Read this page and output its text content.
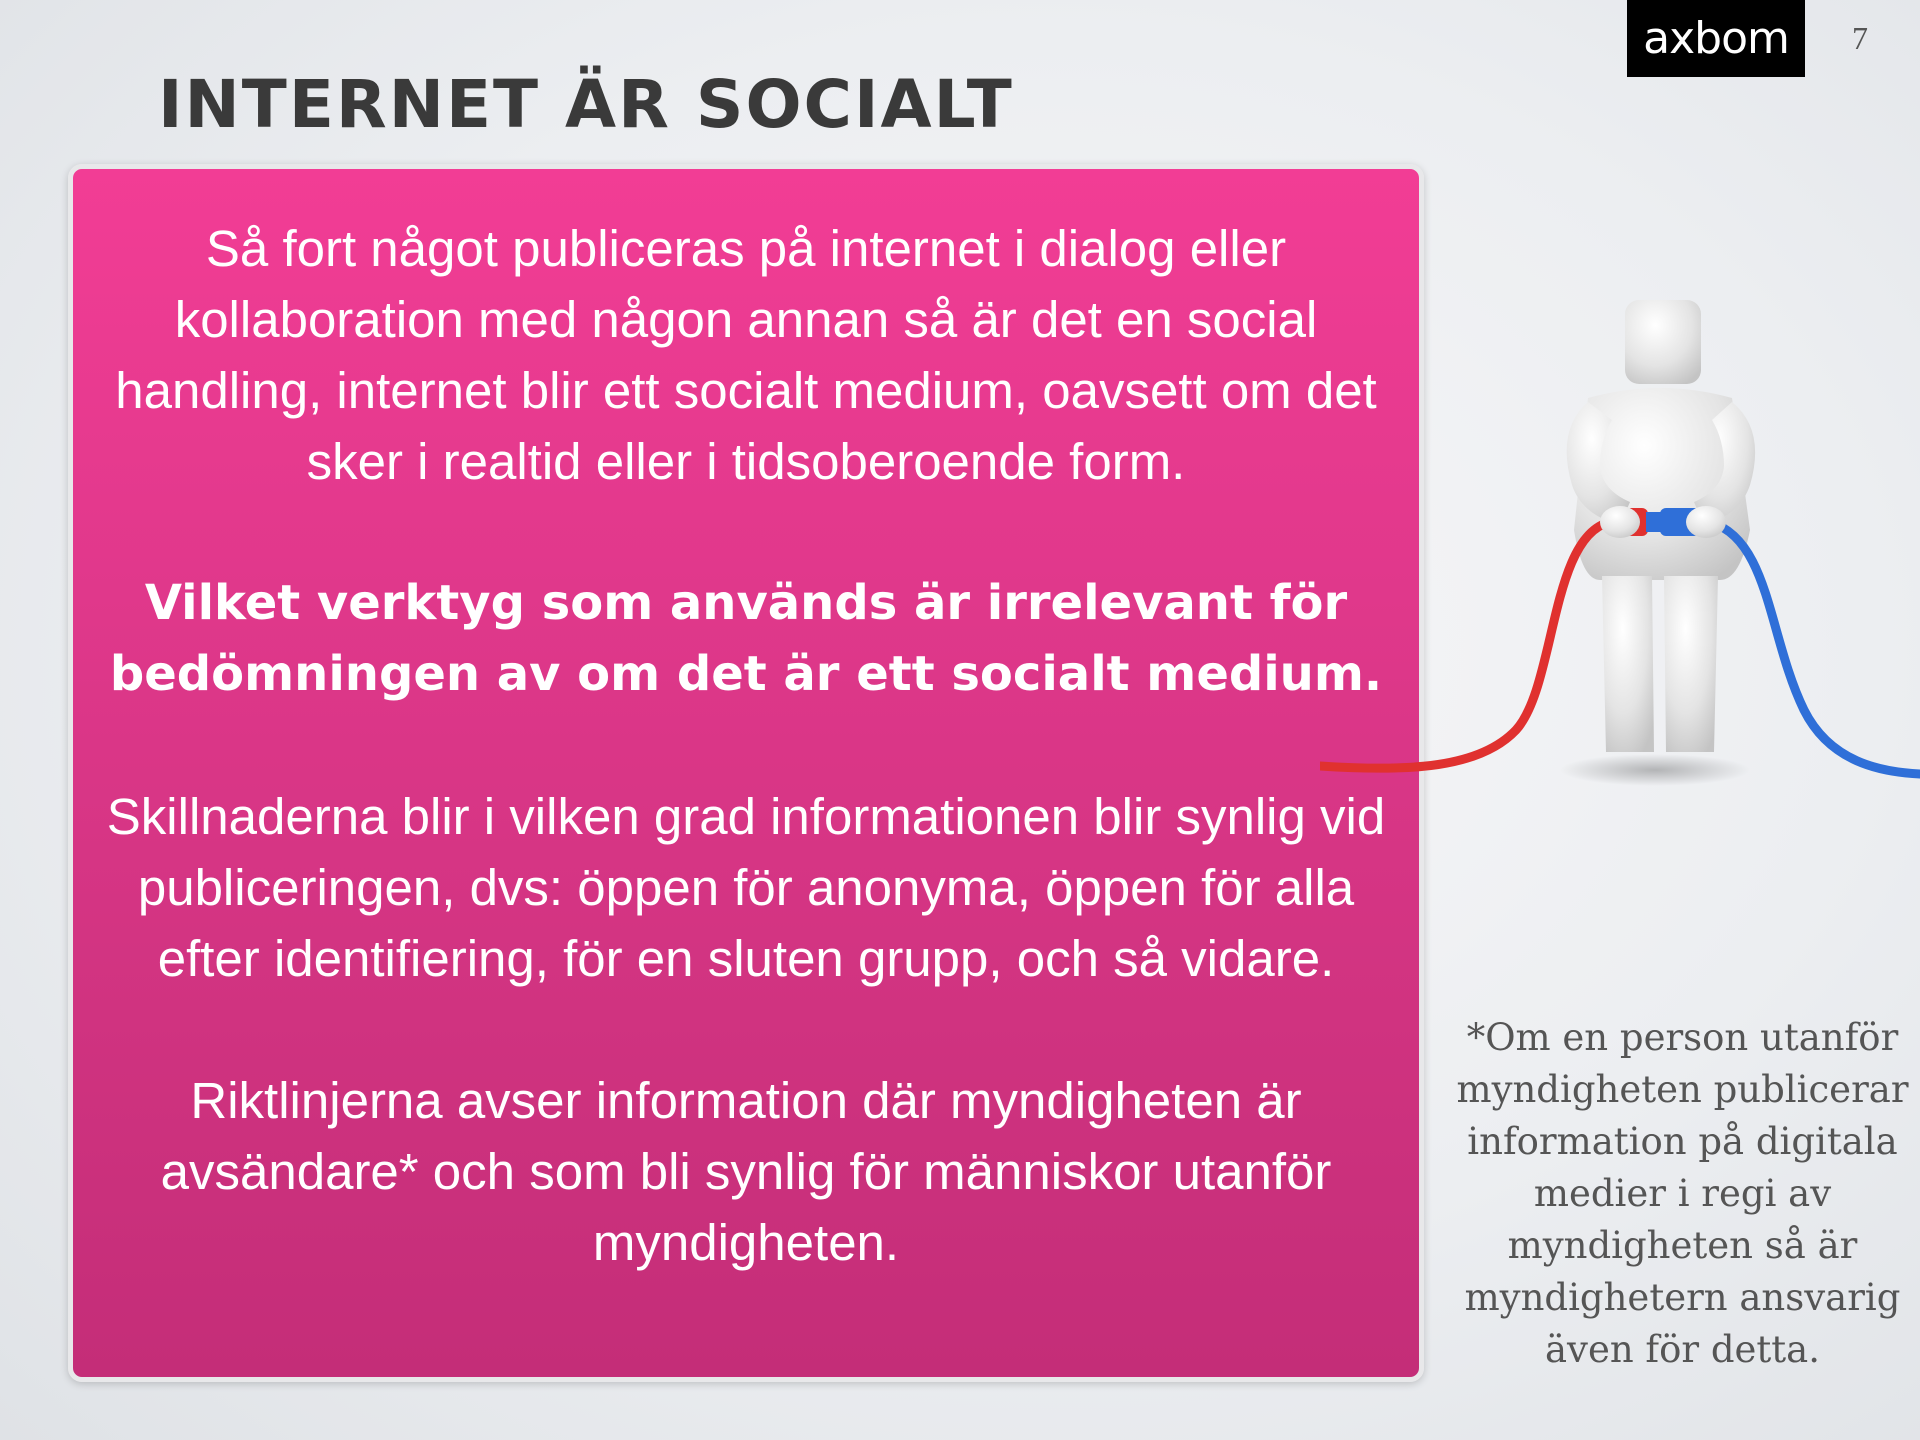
axbom	7
INTERNET ÄR SOCIALT

Så fort något publiceras på internet i dialog eller kollaboration med någon annan så är det en social handling, internet blir ett socialt medium, oavsett om det sker i realtid eller i tidsoberoende form.

Vilket verktyg som används är irrelevant för bedömningen av om det är ett socialt medium.

Skillnaderna blir i vilken grad informationen blir synlig vid publiceringen, dvs: öppen för anonyma, öppen för alla efter identifiering, för en sluten grupp, och så vidare.

Riktlinjerna avser information där myndigheten är avsändare* och som bli synlig för människor utanför myndigheten.

*Om en person utanför myndigheten publicerar information på digitala medier i regi av myndigheten så är myndighetern ansvarig även för detta.
